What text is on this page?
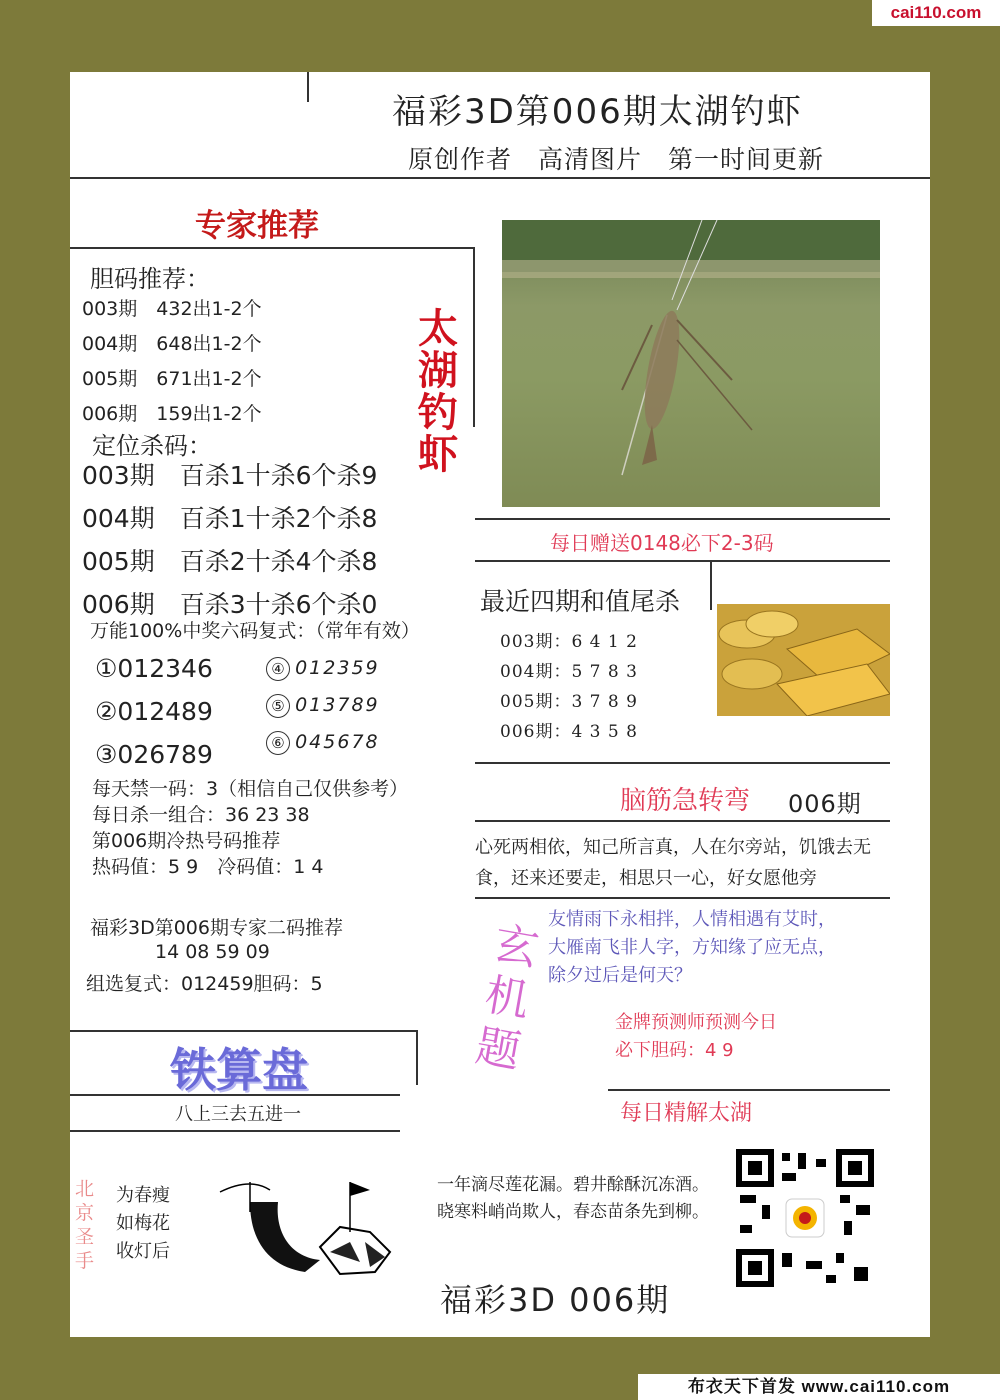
cai110.com
福彩3D第006期太湖钓虾
原创作者　高清图片　第一时间更新
专家推荐
胆码推荐：
003期　432出1-2个
004期　648出1-2个
005期　671出1-2个
006期　159出1-2个
定位杀码：
003期　百杀1十杀6个杀9
004期　百杀1十杀2个杀8
005期　百杀2十杀4个杀8
006期　百杀3十杀6个杀0
万能100%中奖六码复式：（常年有效）
①012346
②012489
③026789
④ 012359
⑤ 013789
⑥ 045678
每天禁一码：3（相信自己仅供参考）
每日杀一组合：36 23 38
第006期冷热号码推荐
热码值：5 9　冷码值：1 4
福彩3D第006期专家二码推荐
14 08 59 09
组选复式：012459胆码：5
太湖钓虾
每日赠送0148必下2-3码
最近四期和值尾杀
003期：6 4 1 2
004期：5 7 8 3
005期：3 7 8 9
006期：4 3 5 8
脑筋急转弯 006期
心死两相依，知己所言真，人在尔旁站，饥饿去无食，还来还要走，相思只一心，好女愿他旁
玄机题
友情雨下永相拌，人情相遇有艾时，大雁南飞非人字，方知缘了应无点，除夕过后是何天？
金牌预测师预测今日
必下胆码：4 9
每日精解太湖
铁算盘
八上三去五进一
北京圣手
为春瘦
如梅花
收灯后
一年滴尽莲花漏。碧井酴酥沉冻酒。
晓寒料峭尚欺人，春态苗条先到柳。
福彩3D 006期
布衣天下首发 www.cai110.com
